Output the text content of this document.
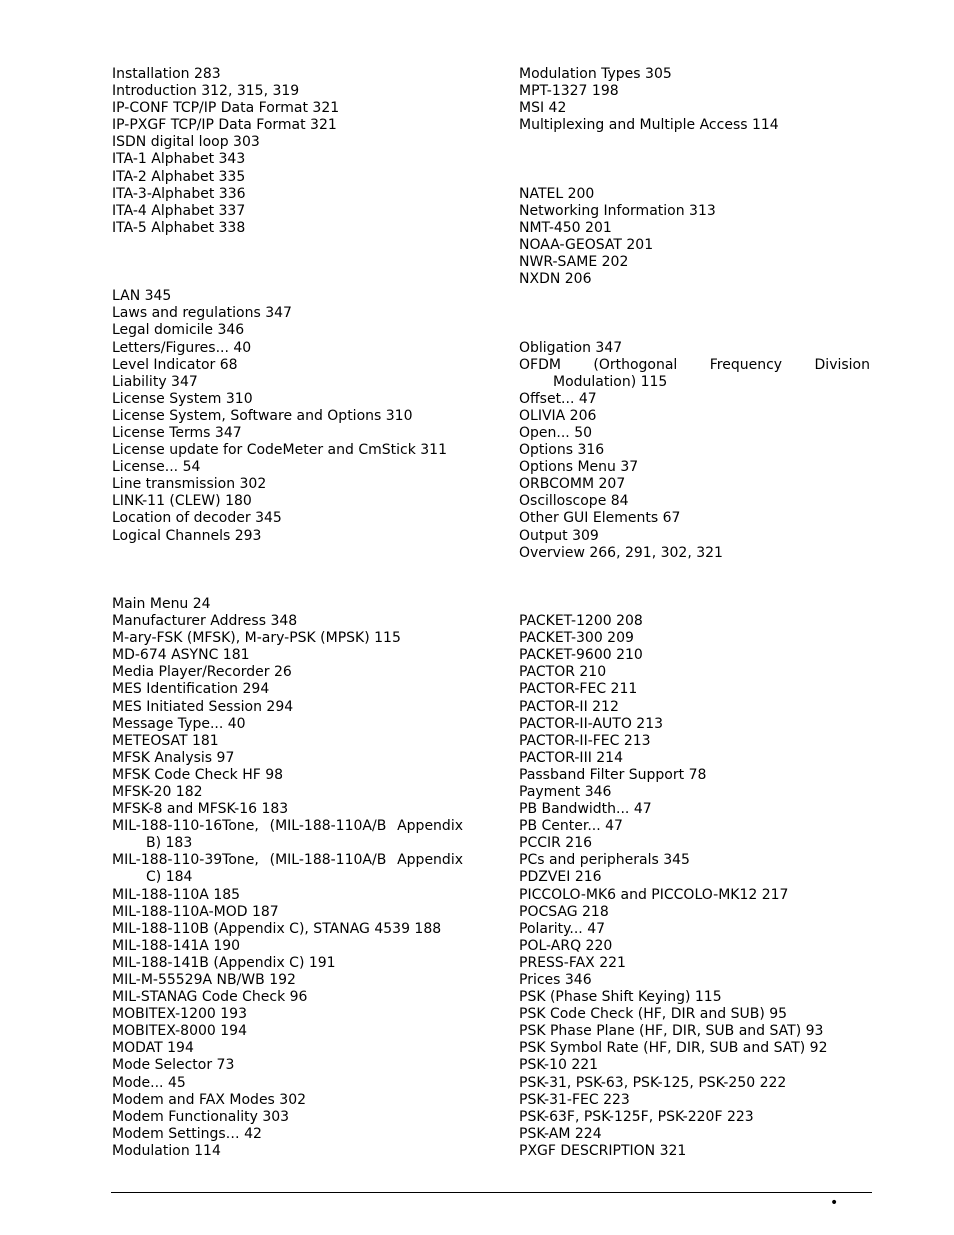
Installation 283
Introduction 312, 315, 319
IP-CONF TCP/IP Data Format 321
IP-PXGF TCP/IP Data Format 321
ISDN digital loop 303
ITA-1 Alphabet 343
ITA-2 Alphabet 335
ITA-3-Alphabet 336
ITA-4 Alphabet 337
ITA-5 Alphabet 338
LAN 345
Laws and regulations 347
Legal domicile 346
Letters/Figures... 40
Level Indicator 68
Liability 347
License System 310
License System, Software and Options 310
License Terms 347
License update for CodeMeter and CmStick 311
License... 54
Line transmission 302
LINK-11 (CLEW) 180
Location of decoder 345
Logical Channels 293
Main Menu 24
Manufacturer Address 348
M-ary-FSK (MFSK), M-ary-PSK (MPSK) 115
MD-674 ASYNC 181
Media Player/Recorder 26
MES Identification 294
MES Initiated Session 294
Message Type... 40
METEOSAT 181
MFSK Analysis 97
MFSK Code Check HF 98
MFSK-20 182
MFSK-8 and MFSK-16 183
MIL-188-110-16Tone, (MIL-188-110A/B Appendix B) 183
MIL-188-110-39Tone, (MIL-188-110A/B Appendix C) 184
MIL-188-110A 185
MIL-188-110A-MOD 187
MIL-188-110B (Appendix C), STANAG 4539 188
MIL-188-141A 190
MIL-188-141B (Appendix C) 191
MIL-M-55529A NB/WB 192
MIL-STANAG Code Check 96
MOBITEX-1200 193
MOBITEX-8000 194
MODAT 194
Mode Selector 73
Mode... 45
Modem and FAX Modes 302
Modem Functionality 303
Modem Settings… 42
Modulation 114
Modulation Types 305
MPT-1327 198
MSI 42
Multiplexing and Multiple Access 114
NATEL 200
Networking Information 313
NMT-450 201
NOAA-GEOSAT 201
NWR-SAME 202
NXDN 206
Obligation 347
OFDM (Orthogonal Frequency Division Modulation) 115
Offset... 47
OLIVIA 206
Open... 50
Options 316
Options Menu 37
ORBCOMM 207
Oscilloscope 84
Other GUI Elements 67
Output 309
Overview 266, 291, 302, 321
PACKET-1200 208
PACKET-300 209
PACKET-9600 210
PACTOR 210
PACTOR-FEC 211
PACTOR-II 212
PACTOR-II-AUTO 213
PACTOR-II-FEC 213
PACTOR-III 214
Passband Filter Support 78
Payment 346
PB Bandwidth... 47
PB Center... 47
PCCIR 216
PCs and peripherals 345
PDZVEI 216
PICCOLO-MK6 and PICCOLO-MK12 217
POCSAG 218
Polarity... 47
POL-ARQ 220
PRESS-FAX 221
Prices 346
PSK (Phase Shift Keying) 115
PSK Code Check (HF, DIR and SUB) 95
PSK Phase Plane (HF, DIR, SUB and SAT) 93
PSK Symbol Rate (HF, DIR, SUB and SAT) 92
PSK-10 221
PSK-31, PSK-63, PSK-125, PSK-250 222
PSK-31-FEC 223
PSK-63F, PSK-125F, PSK-220F 223
PSK-AM 224
PXGF DESCRIPTION 321
•
